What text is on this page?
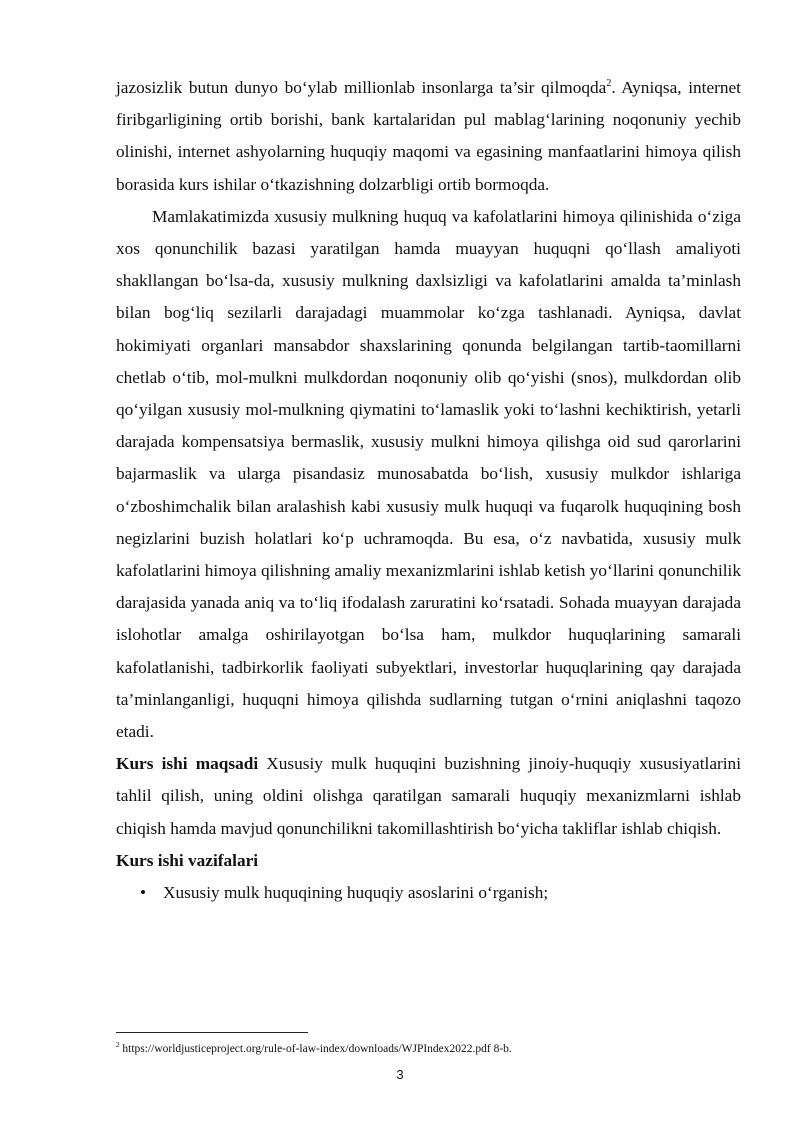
jazosizlik butun dunyo bo‘ylab millionlab insonlarga ta’sir qilmoqda$^2$. Ayniqsa, internet firibgarligining ortib borishi, bank kartalaridan pul mablag‘larining noqonuniy yechib olinishi, internet ashyolarning huquqiy maqomi va egasining manfaatlarini himoya qilish borasida kurs ishilar o‘tkazishning dolzarbligi ortib bormoqda.

Mamlakatimizda xususiy mulkning huquq va kafolatlarini himoya qilinishida o‘ziga xos qonunchilik bazasi yaratilgan hamda muayyan huquqni qo‘llash amaliyoti shakllangan bo‘lsa-da, xususiy mulkning daxlsizligi va kafolatlarini amalda ta’minlash bilan bog‘liq sezilarli darajadagi muammolar ko‘zga tashlanadi. Ayniqsa, davlat hokimiyati organlari mansabdor shaxslarining qonunda belgilangan tartib-taomillarni chetlab o‘tib, mol-mulkni mulkdordan noqonuniy olib qo‘yishi (snos), mulkdordan olib qo‘yilgan xususiy mol-mulkning qiymatini to‘lamaslik yoki to‘lashni kechiktirish, yetarli darajada kompensatsiya bermaslik, xususiy mulkni himoya qilishga oid sud qarorlarini bajarmaslik va ularga pisandasiz munosabatda bo‘lish, xususiy mulkdor ishlariga o‘zboshimchalik bilan aralashish kabi xususiy mulk huquqi va fuqarolk huquqining bosh negizlarini buzish holatlari ko‘p uchramoqda. Bu esa, o‘z navbatida, xususiy mulk kafolatlarini himoya qilishning amaliy mexanizmlarini ishlab ketish yo‘llarini qonunchilik darajasida yanada aniq va to‘liq ifodalash zaruratini ko‘rsatadi. Sohada muayyan darajada islohotlar amalga oshirilayotgan bo‘lsa ham, mulkdor huquqlarining samarali kafolatlanishi, tadbirkorlik faoliyati subyektlari, investorlar huquqlarining qay darajada ta’minlanganligi, huquqni himoya qilishda sudlarning tutgan o‘rnini aniqlashni taqozo etadi.

Kurs ishi maqsadi Xususiy mulk huquqini buzishning jinoiy-huquqiy xususiyatlarini tahlil qilish, uning oldini olishga qaratilgan samarali huquqiy mexanizmlarni ishlab chiqish hamda mavjud qonunchilikni takomillashtirish bo‘yicha takliflar ishlab chiqish.

Kurs ishi vazifalari

• Xususiy mulk huquqining huquqiy asoslarini o‘rganish;
$^2$ https://worldjusticeproject.org/rule-of-law-index/downloads/WJPIndex2022.pdf 8-b.
3
